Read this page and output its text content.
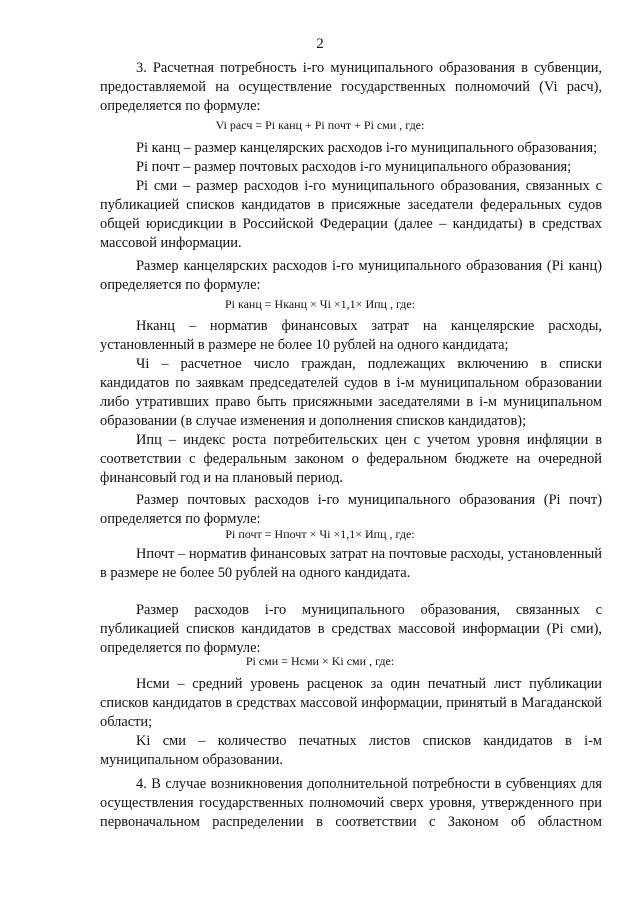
2

3. Расчетная потребность i-го муниципального образования в субвенции, предоставляемой на осуществление государственных полномочий (Vi расч), определяется по формуле:

Vi расч = Pi канц + Pi почт + Pi сми , где:

Pi канц – размер канцелярских расходов i-го муниципального образования;

Pi почт – размер почтовых расходов i-го муниципального образования;

Pi сми – размер расходов i-го муниципального образования, связанных с публикацией списков кандидатов в присяжные заседатели федеральных судов общей юрисдикции в Российской Федерации (далее – кандидаты) в средствах массовой информации.

Размер канцелярских расходов i-го муниципального образования (Pi канц) определяется по формуле:

Pi канц = Нканц × Чi ×1,1× Ипц , где:

Нканц – норматив финансовых затрат на канцелярские расходы, установленный в размере не более 10 рублей на одного кандидата;

Чi – расчетное число граждан, подлежащих включению в списки кандидатов по заявкам председателей судов в i-м муниципальном образовании либо утративших право быть присяжными заседателями в i-м муниципальном образовании (в случае изменения и дополнения списков кандидатов);

Ипц – индекс роста потребительских цен с учетом уровня инфляции в соответствии с федеральным законом о федеральном бюджете на очередной финансовый год и на плановый период.

Размер почтовых расходов i-го муниципального образования (Pi почт) определяется по формуле:

Pi почт = Нпочт × Чi ×1,1× Ипц , где:

Нпочт – норматив финансовых затрат на почтовые расходы, установленный в размере не более 50 рублей на одного кандидата.

Размер расходов i-го муниципального образования, связанных с публикацией списков кандидатов в средствах массовой информации (Pi сми), определяется по формуле:

Pi сми = Нсми × Ki сми , где:

Нсми – средний уровень расценок за один печатный лист публикации списков кандидатов в средствах массовой информации, принятый в Магаданской области;

Ki сми – количество печатных листов списков кандидатов в i-м муниципальном образовании.

4. В случае возникновения дополнительной потребности в субвенциях для осуществления государственных полномочий сверх уровня, утвержденного при первоначальном распределении в соответствии с Законом об областном
